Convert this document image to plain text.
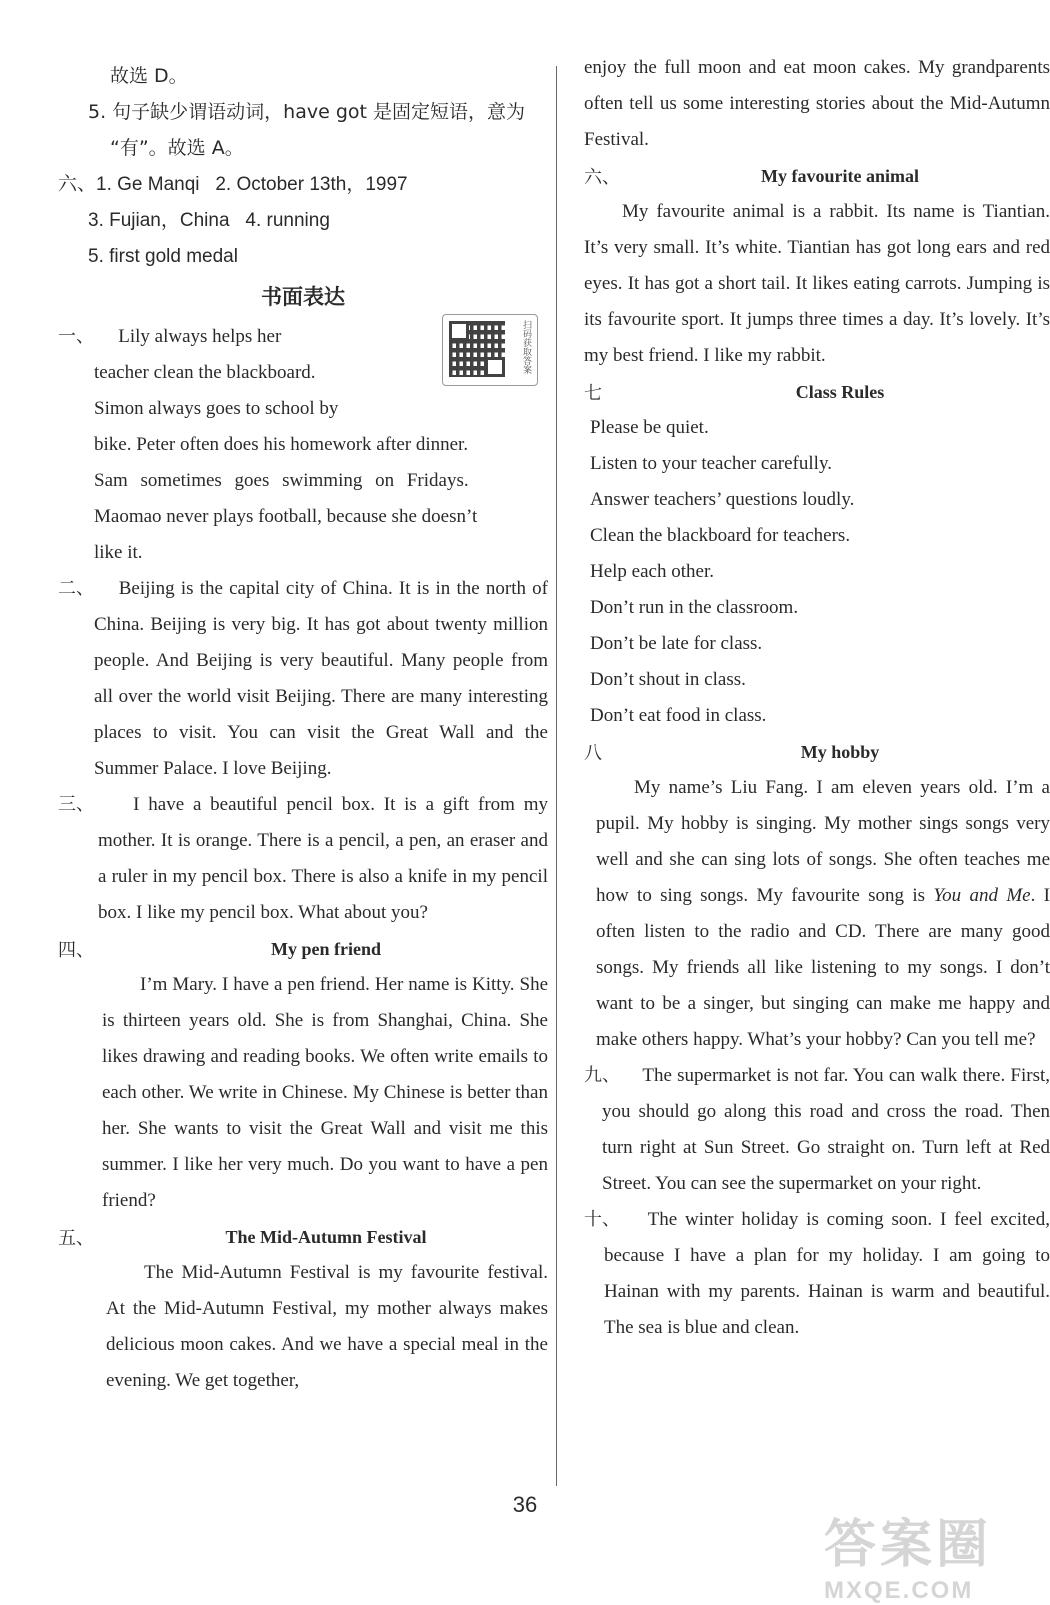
故选 D。

5. 句子缺少谓语动词，have got 是固定短语，意为

“有”。故选 A。

六、1. Ge Manqi 2. October 13th，1997

3. Fujian，China 4. running

5. first gold medal

书面表达
扫码获取答案

一、 Lily always helps her

teacher clean the blackboard.

Simon always goes to school by

bike. Peter often does his homework after dinner.

Sam sometimes goes swimming on Fridays.

Maomao never plays football, because she doesn’t

like it.

二、 Beijing is the capital city of China. It is in the north of China. Beijing is very big. It has got about twenty million people. And Beijing is very beautiful. Many people from all over the world visit Beijing. There are many interesting places to visit. You can visit the Great Wall and the Summer Palace. I love Beijing.

三、 I have a beautiful pencil box. It is a gift from my mother. It is orange. There is a pencil, a pen, an eraser and a ruler in my pencil box. There is also a knife in my pencil box. I like my pencil box. What about you?

四、	My pen friend

I’m Mary. I have a pen friend. Her name is Kitty. She is thirteen years old. She is from Shanghai, China. She likes drawing and reading books. We often write emails to each other. We write in Chinese. My Chinese is better than her. She wants to visit the Great Wall and visit me this summer. I like her very much. Do you want to have a pen friend?

五、	The Mid-Autumn Festival

The Mid-Autumn Festival is my favourite festival. At the Mid-Autumn Festival, my mother always makes delicious moon cakes. And we have a special meal in the evening. We get together,

enjoy the full moon and eat moon cakes. My grandparents often tell us some interesting stories about the Mid-Autumn Festival.

六、	My favourite animal

My favourite animal is a rabbit. Its name is Tiantian. It’s very small. It’s white. Tiantian has got long ears and red eyes. It has got a short tail. It likes eating carrots. Jumping is its favourite sport. It jumps three times a day. It’s lovely. It’s my best friend. I like my rabbit.

七	Class Rules

Please be quiet.

Listen to your teacher carefully.

Answer teachers’ questions loudly.

Clean the blackboard for teachers.

Help each other.

Don’t run in the classroom.

Don’t be late for class.

Don’t shout in class.

Don’t eat food in class.

八	My hobby

My name’s Liu Fang. I am eleven years old. I’m a pupil. My hobby is singing. My mother sings songs very well and she can sing lots of songs. She often teaches me how to sing songs. My favourite song is You and Me. I often listen to the radio and CD. There are many good songs. My friends all like listening to my songs. I don’t want to be a singer, but singing can make me happy and make others happy. What’s your hobby? Can you tell me?

九、 The supermarket is not far. You can walk there. First, you should go along this road and cross the road. Then turn right at Sun Street. Go straight on. Turn left at Red Street. You can see the supermarket on your right.

十、 The winter holiday is coming soon. I feel excited, because I have a plan for my holiday. I am going to Hainan with my parents. Hainan is warm and beautiful. The sea is blue and clean.

36
答案圈
MXQE.COM
